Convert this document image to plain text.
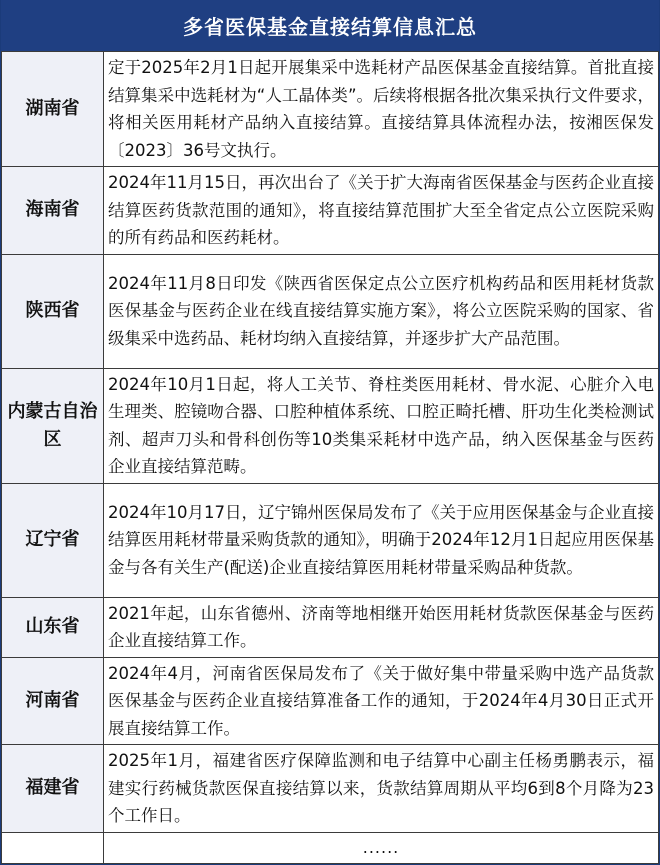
多省医保基金直接结算信息汇总
湖南省	定于2025年2月1日起开展集采中选耗材产品医保基金直接结算。首批直接结算集采中选耗材为“人工晶体类”。后续将根据各批次集采执行文件要求，将相关医用耗材产品纳入直接结算。直接结算具体流程办法，按湘医保发〔2023〕36号文执行。
海南省	2024年11月15日，再次出台了《关于扩大海南省医保基金与医药企业直接结算医药货款范围的通知》，将直接结算范围扩大至全省定点公立医院采购的所有药品和医药耗材。
陕西省	2024年11月8日印发《陕西省医保定点公立医疗机构药品和医用耗材货款医保基金与医药企业在线直接结算实施方案》，将公立医院采购的国家、省级集采中选药品、耗材均纳入直接结算，并逐步扩大产品范围。
内蒙古自治区	2024年10月1日起，将人工关节、脊柱类医用耗材、骨水泥、心脏介入电生理类、腔镜吻合器、口腔种植体系统、口腔正畸托槽、肝功生化类检测试剂、超声刀头和骨科创伤等10类集采耗材中选产品，纳入医保基金与医药企业直接结算范畴。
辽宁省	2024年10月17日，辽宁锦州医保局发布了《关于应用医保基金与企业直接结算医用耗材带量采购货款的通知》，明确于2024年12月1日起应用医保基金与各有关生产(配送)企业直接结算医用耗材带量采购品种货款。
山东省	2021年起，山东省德州、济南等地相继开始医用耗材货款医保基金与医药企业直接结算工作。
河南省	2024年4月，河南省医保局发布了《关于做好集中带量采购中选产品货款医保基金与医药企业直接结算准备工作的通知，于2024年4月30日正式开展直接结算工作。
福建省	2025年1月，福建省医疗保障监测和电子结算中心副主任杨勇鹏表示，福建实行药械货款医保直接结算以来，货款结算周期从平均6到8个月降为23个工作日。
	......
